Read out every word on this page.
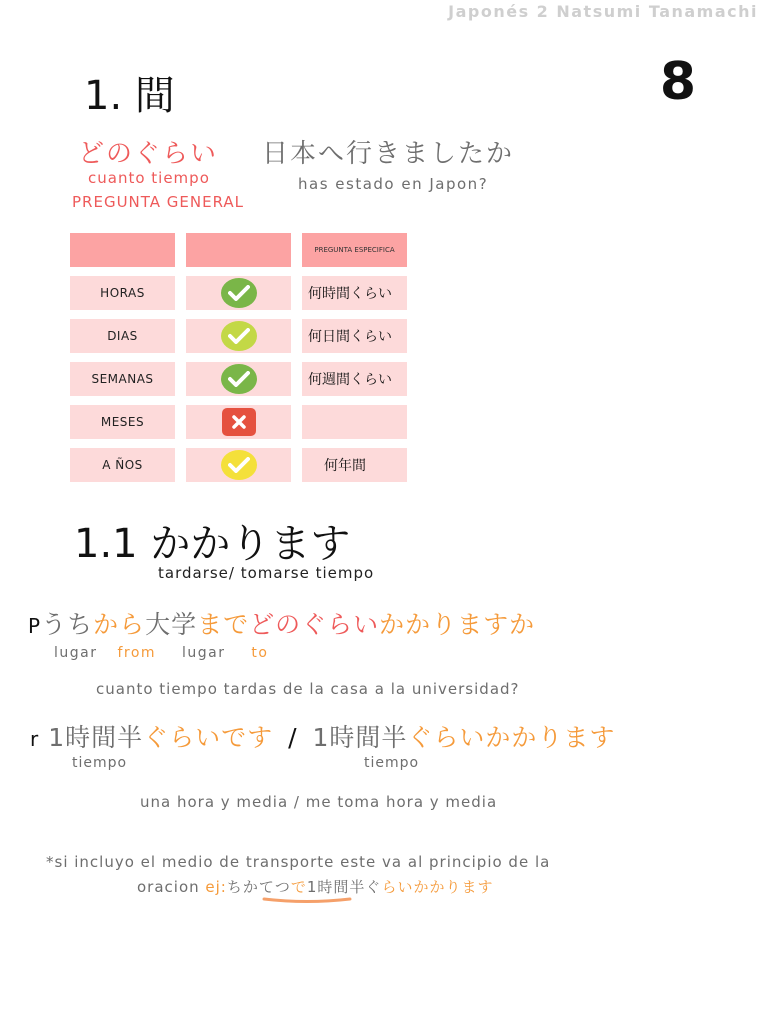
Japonés 2 Natsumi Tanamachi
8
1. 間
どのぐらい
cuanto tiempo
PREGUNTA GENERAL
日本へ行きましたか
has estado en Japon?
PREGUNTA ESPECIFICA
HORAS	何時間くらい
DIAS	何日間くらい
SEMANAS	何週間くらい
MESES
A ÑOS	何年間
1.1 かかります
tardarse/ tomarse tiempo
Pうちから大学までどのぐらいかかりますか
lugar from lugar to
cuanto tiempo tardas de la casa a la universidad?
r 1時間半ぐらいです / 1時間半ぐらいかかります
tiempo	tiempo
una hora y media / me toma hora y media
*si incluyo el medio de transporte este va al principio de la
oracion ej:ちかてつで1時間半ぐらいかかります
